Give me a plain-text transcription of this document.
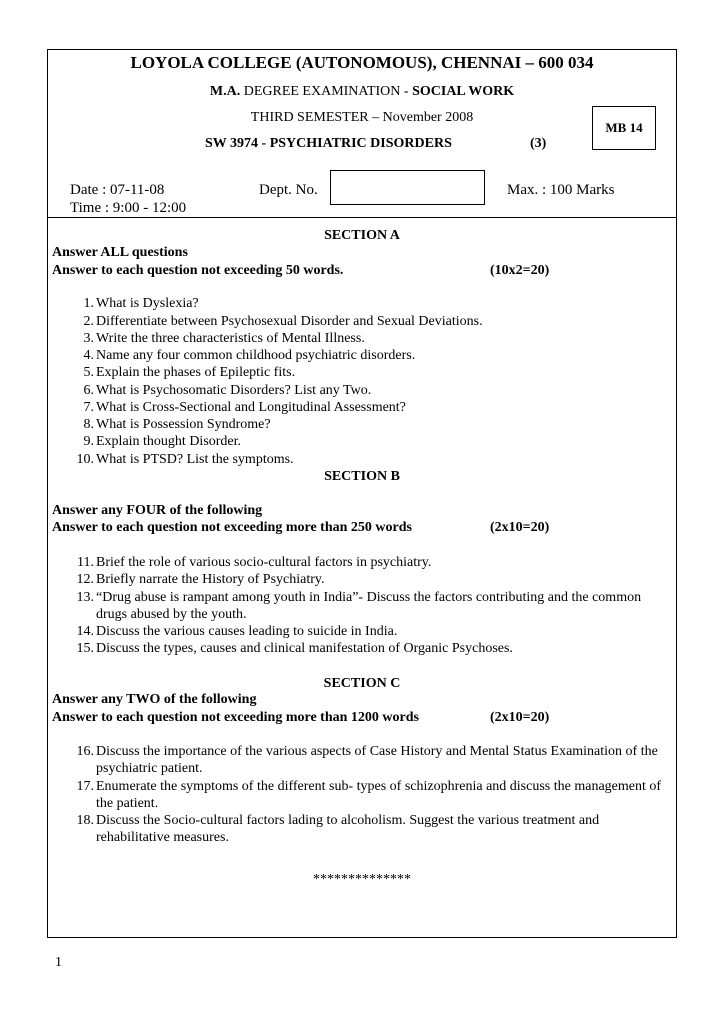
LOYOLA COLLEGE (AUTONOMOUS), CHENNAI – 600 034
M.A. DEGREE EXAMINATION - SOCIAL WORK
THIRD SEMESTER – November 2008
SW 3974 - PSYCHIATRIC DISORDERS	(3)
MB 14
Date : 07-11-08
Time : 9:00 - 12:00
Dept. No.	Max. : 100 Marks
SECTION A
Answer ALL questions
Answer to each question not exceeding 50 words.	(10x2=20)
1. What is Dyslexia?
2. Differentiate between Psychosexual Disorder and Sexual Deviations.
3. Write the three characteristics of Mental Illness.
4. Name any four common childhood psychiatric disorders.
5. Explain the phases of Epileptic fits.
6. What is Psychosomatic Disorders? List any Two.
7. What is Cross-Sectional and Longitudinal Assessment?
8. What is Possession Syndrome?
9. Explain thought Disorder.
10. What is PTSD? List the symptoms.
SECTION B
Answer any FOUR of the following
Answer to each question not exceeding more than 250 words	(2x10=20)
11. Brief the role of various socio-cultural factors in psychiatry.
12. Briefly narrate the History of Psychiatry.
13. “Drug abuse is rampant among youth in India”- Discuss the factors contributing and the common drugs abused by the youth.
14. Discuss the various causes leading to suicide in India.
15. Discuss the types, causes and clinical manifestation of Organic Psychoses.
SECTION C
Answer any TWO of the following
Answer to each question not exceeding more than 1200 words	(2x10=20)
16. Discuss the importance of the various aspects of Case History and Mental Status Examination of the psychiatric patient.
17. Enumerate the symptoms of the different sub- types of schizophrenia and discuss the management of the patient.
18. Discuss the Socio-cultural factors lading to alcoholism. Suggest the various treatment and rehabilitative measures.
**************
1
